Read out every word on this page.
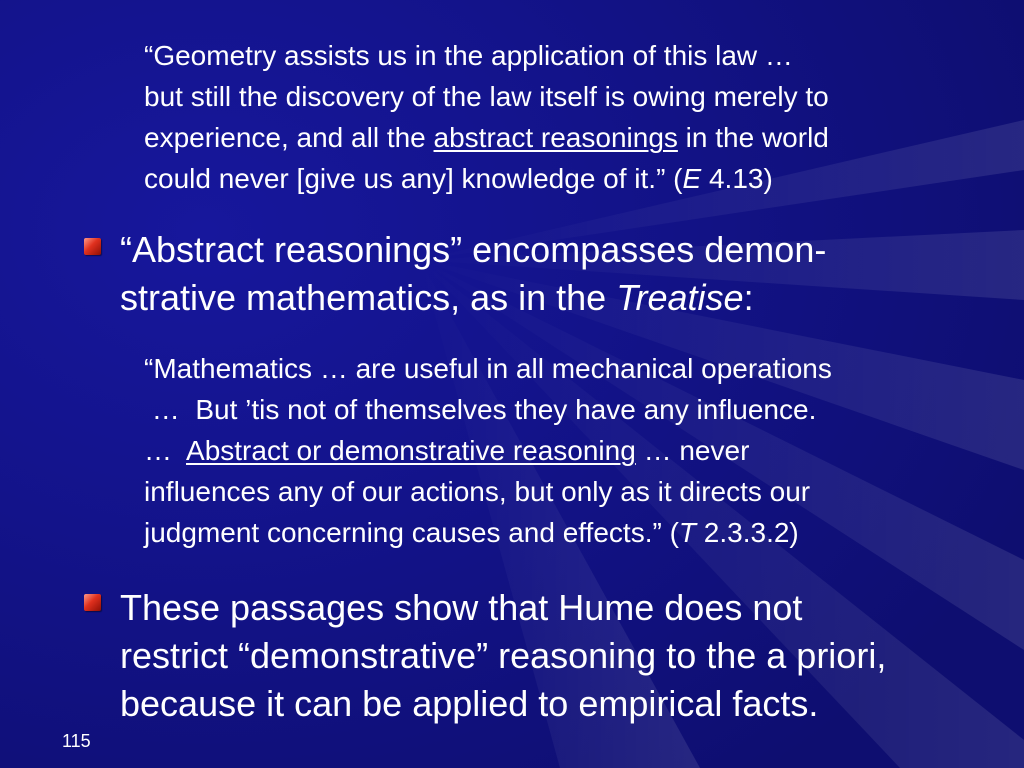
“Geometry assists us in the application of this law …
but still the discovery of the law itself is owing merely to
experience, and all the abstract reasonings in the world
could never [give us any] knowledge of it.” (E 4.13)
“Abstract reasonings” encompasses demon-
strative mathematics, as in the Treatise:
“Mathematics … are useful in all mechanical operations
…  But ’tis not of themselves they have any influence.
…  Abstract or demonstrative reasoning … never
influences any of our actions, but only as it directs our
judgment concerning causes and effects.” (T 2.3.3.2)
These passages show that Hume does not
restrict “demonstrative” reasoning to the a priori,
because it can be applied to empirical facts.
115
